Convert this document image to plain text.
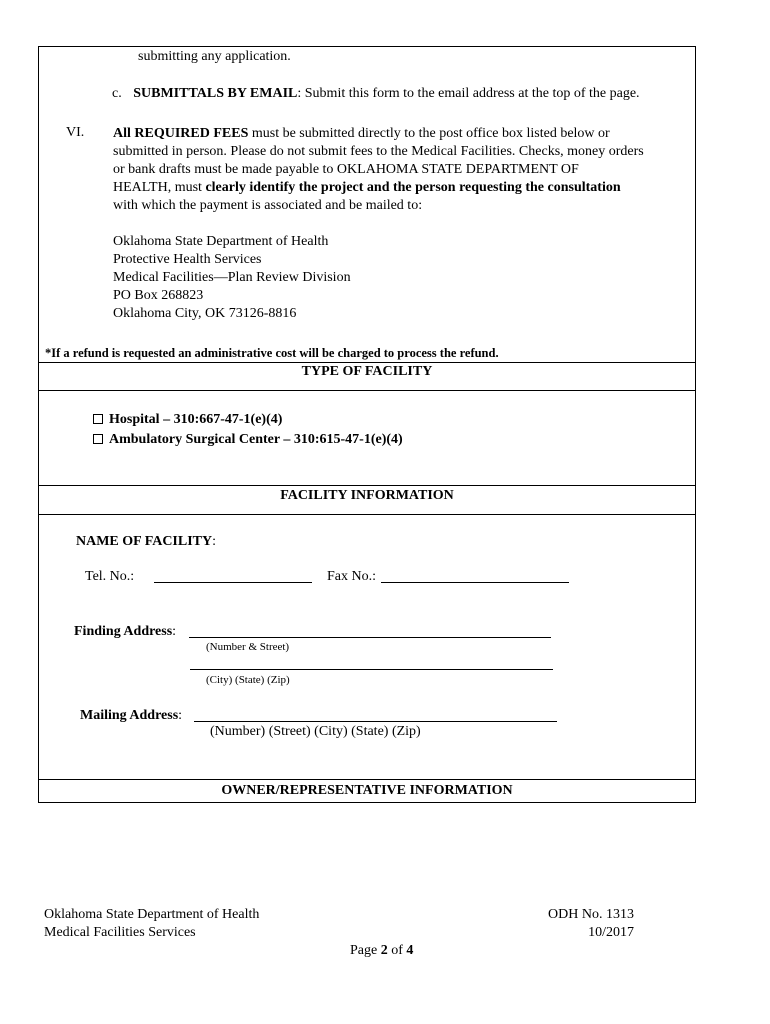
submitting any application.
c. SUBMITTALS BY EMAIL: Submit this form to the email address at the top of the page.
VI. All REQUIRED FEES must be submitted directly to the post office box listed below or
submitted in person. Please do not submit fees to the Medical Facilities. Checks, money orders
or bank drafts must be made payable to OKLAHOMA STATE DEPARTMENT OF
HEALTH, must clearly identify the project and the person requesting the consultation
with which the payment is associated and be mailed to:
Oklahoma State Department of Health
Protective Health Services
Medical Facilities—Plan Review Division
PO Box 268823
Oklahoma City, OK 73126-8816
*If a refund is requested an administrative cost will be charged to process the refund.
TYPE OF FACILITY
Hospital – 310:667-47-1(e)(4)
Ambulatory Surgical Center – 310:615-47-1(e)(4)
FACILITY INFORMATION
NAME OF FACILITY:
Tel. No.:	Fax No.:
Finding Address:
(Number & Street)
(City) (State) (Zip)
Mailing Address:
(Number) (Street) (City) (State) (Zip)
OWNER/REPRESENTATIVE INFORMATION
Oklahoma State Department of Health
Medical Facilities Services
ODH No. 1313
10/2017
Page 2 of 4
